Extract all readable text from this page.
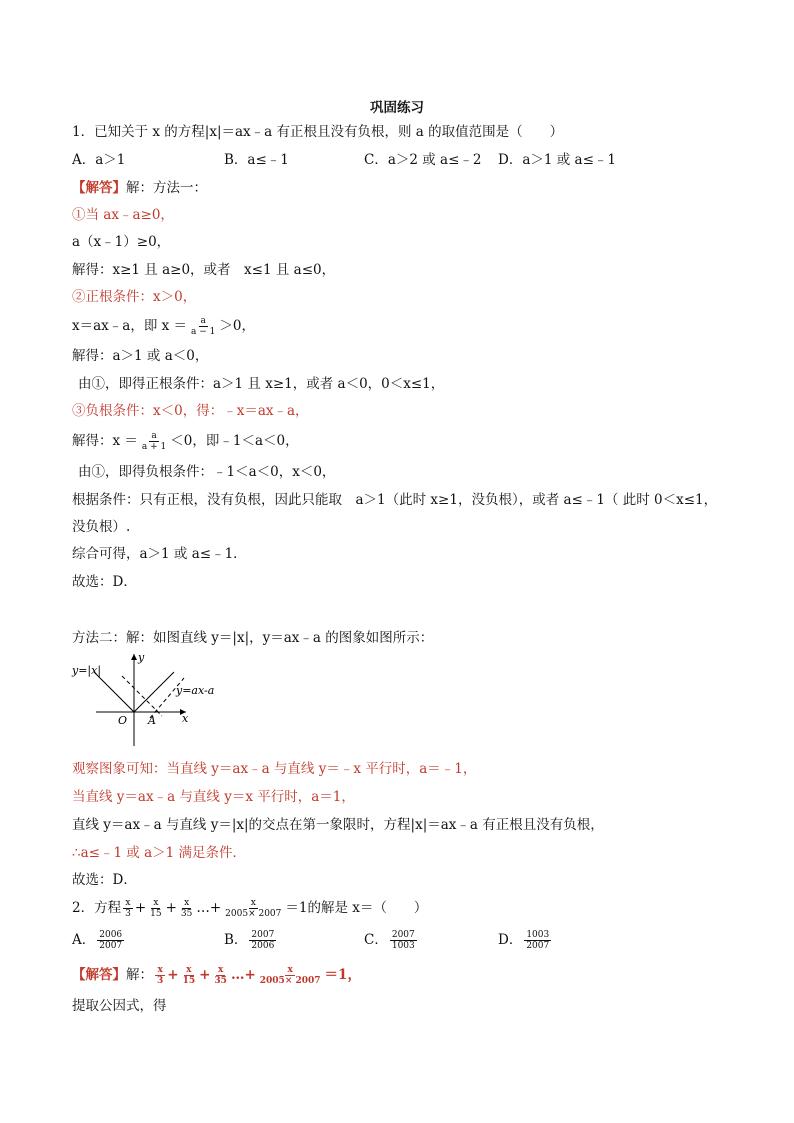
巩固练习
1．已知关于 x 的方程|x|＝ax﹣a 有正根且没有负根，则 a 的取值范围是（　　）
A．a＞1	B．a≤﹣1	C．a＞2 或 a≤﹣2 D．a＞1 或 a≤﹣1
【解答】解：方法一：
①当 ax﹣a≥0，
a（x﹣1）≥0，
解得：x≥1 且 a≥0，或者　x≤1 且 a≤0，
②正根条件：x＞0，
x＝ax﹣a，即 $x = \frac{a}{a - 1} >0$，
解得：a＞1 或 a＜0，
由①，即得正根条件：a＞1 且 x≥1，或者 a＜0，0＜x≤1，
③负根条件：x＜0，得：﹣x＝ax﹣a，
解得：$x = \frac{a}{a + 1} <0$，即﹣1＜a＜0，
由①，即得负根条件：﹣1＜a＜0，x＜0，
根据条件：只有正根，没有负根，因此只能取　a＞1（此时 x≥1，没负根），或者 a≤﹣1（ 此时 0＜x≤1，
没负根）.
综合可得，a＞1 或 a≤﹣1．
故选：D．
方法二：解：如图直线 y＝|x|，y＝ax﹣a 的图象如图所示：
y=|x|
y
y=ax-a
O A x
观察图象可知：当直线 y＝ax﹣a 与直线 y＝﹣x 平行时，a＝﹣1，
当直线 y＝ax﹣a 与直线 y＝x 平行时，a＝1，
直线 y＝ax﹣a 与直线 y＝|x|的交点在第一象限时，方程|x|＝ax﹣a 有正根且没有负根，
∴a≤﹣1 或 a＞1 满足条件．
故选：D．
2．方程 $\frac{x}{3} + \frac{x}{15} + \frac{x}{35}$ …+ $\frac{x}{2005\times 2007} =1$的解是 x＝（　　）
A． $\frac{2006}{2007}$	B． $\frac{2007}{2006}$	C． $\frac{2007}{1003}$	D． $\frac{1003}{2007}$
【解答】解： $\frac{x}{3} + \frac{x}{15} + \frac{x}{35}$ …+ $\frac{x}{2005\times 2007} =1$，
提取公因式，得
